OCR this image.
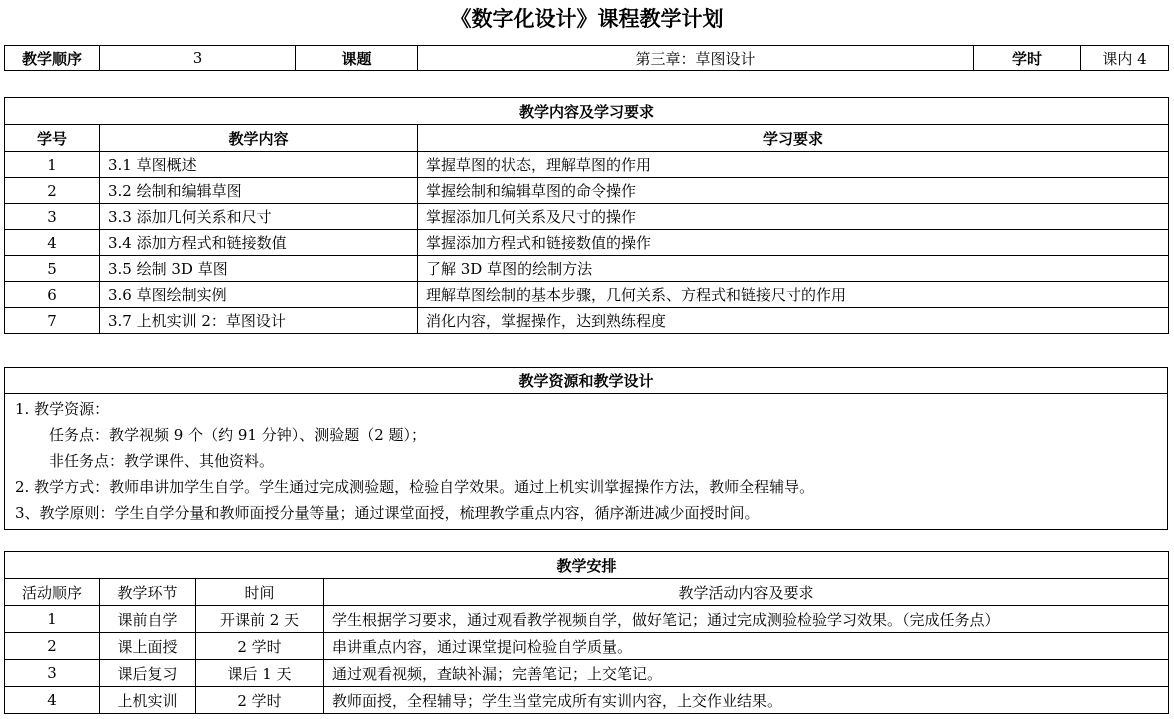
《数字化设计》课程教学计划
教学顺序	3	课题	第三章：草图设计	学时	课内 4
教学内容及学习要求		
学号	教学内容	学习要求
1	3.1 草图概述	掌握草图的状态，理解草图的作用
2	3.2 绘制和编辑草图	掌握绘制和编辑草图的命令操作
3	3.3 添加几何关系和尺寸	掌握添加几何关系及尺寸的操作
4	3.4 添加方程式和链接数值	掌握添加方程式和链接数值的操作
5	3.5 绘制 3D 草图	了解 3D 草图的绘制方法
6	3.6 草图绘制实例	理解草图绘制的基本步骤，几何关系、方程式和链接尺寸的作用
7	3.7 上机实训 2：草图设计	消化内容，掌握操作，达到熟练程度
教学资源和教学设计

1. 教学资源：
任务点：教学视频 9 个（约 91 分钟）、测验题（2 题）；
非任务点：教学课件、其他资料。
2. 教学方式：教师串讲加学生自学。学生通过完成测验题，检验自学效果。通过上机实训掌握操作方法，教师全程辅导。
3、教学原则：学生自学分量和教师面授分量等量；通过课堂面授，梳理教学重点内容，循序渐进减少面授时间。
教学安排			
活动顺序	教学环节	时间	教学活动内容及要求
1	课前自学	开课前 2 天	学生根据学习要求，通过观看教学视频自学，做好笔记；通过完成测验检验学习效果。（完成任务点）
2	课上面授	2 学时	串讲重点内容，通过课堂提问检验自学质量。
3	课后复习	课后 1 天	通过观看视频，查缺补漏；完善笔记；上交笔记。
4	上机实训	2 学时	教师面授，全程辅导；学生当堂完成所有实训内容，上交作业结果。
